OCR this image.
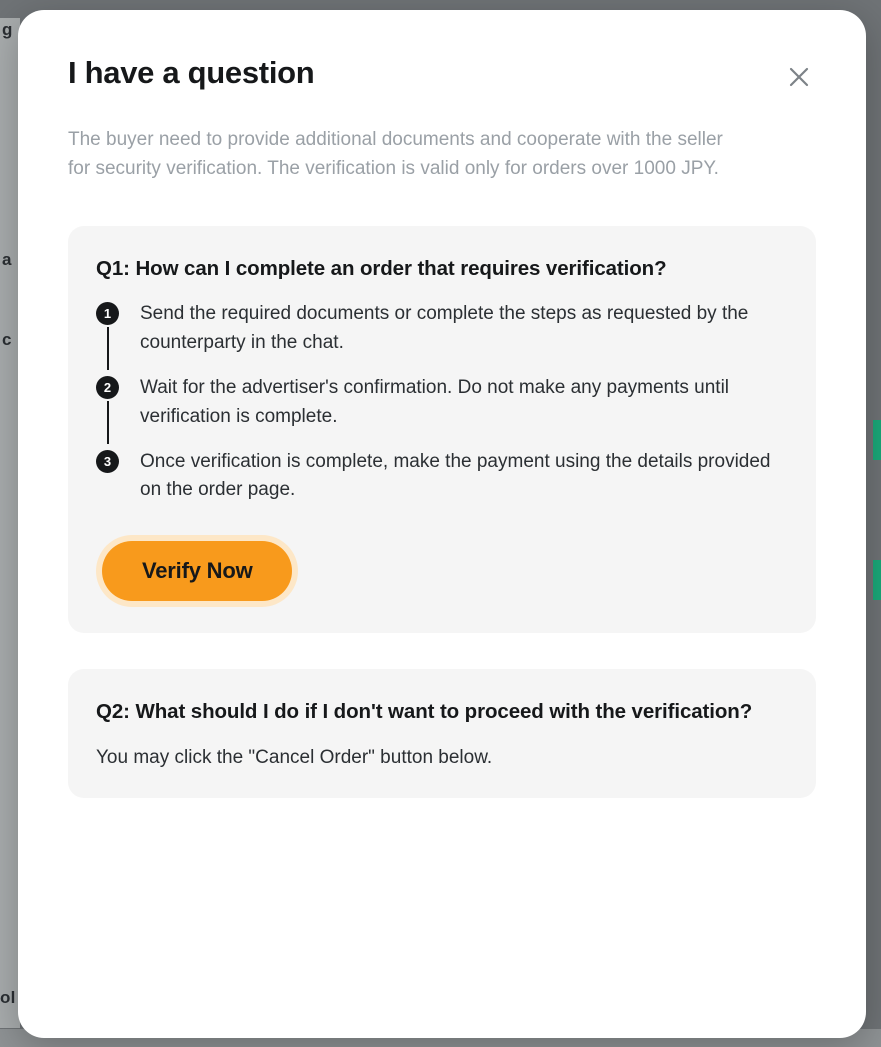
g
a
c
ol
I have a question

The buyer need to provide additional documents and cooperate with the seller for security verification. The verification is valid only for orders over 1000 JPY.

Q1: How can I complete an order that requires verification?
1	Send the required documents or complete the steps as requested by the counterparty in the chat.
2	Wait for the advertiser's confirmation. Do not make any payments until verification is complete.
3	Once verification is complete, make the payment using the details provided on the order page.
Verify Now
Q2: What should I do if I don't want to proceed with the verification?

You may click the "Cancel Order" button below.
